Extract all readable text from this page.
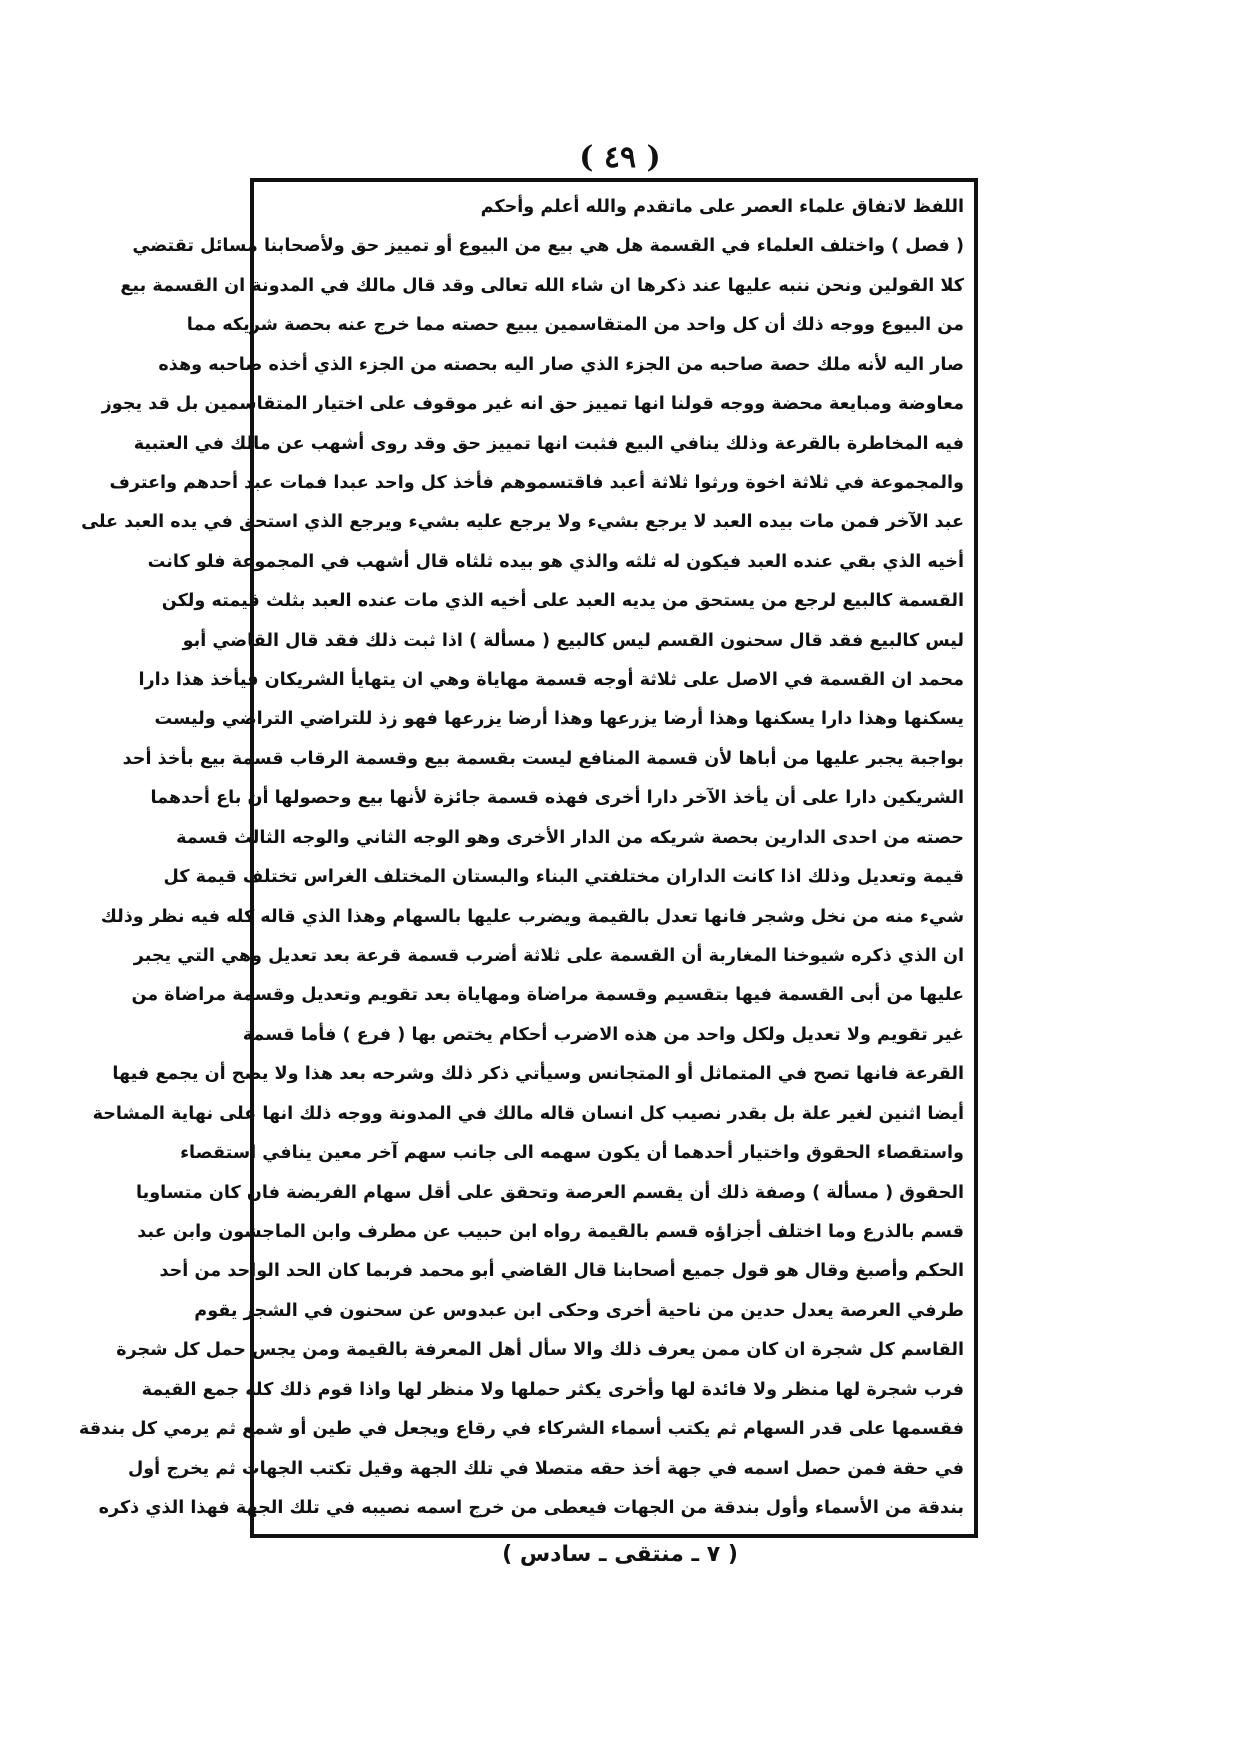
( ٤٩ )
اللفظ لاتفاق علماء العصر على ماتقدم والله أعلم وأحكم
( فصل ) واختلف العلماء في القسمة هل هي بيع من البيوع أو تمييز حق ولأصحابنا مسائل تقتضي
كلا القولين ونحن ننبه عليها عند ذكرها ان شاء الله تعالى وقد قال مالك في المدونة ان القسمة بيع
من البيوع ووجه ذلك أن كل واحد من المتقاسمين يبيع حصته مما خرج عنه بحصة شريكه مما
صار اليه لأنه ملك حصة صاحبه من الجزء الذي صار اليه بحصته من الجزء الذي أخذه صاحبه وهذه
معاوضة ومبايعة محضة ووجه قولنا انها تمييز حق انه غير موقوف على اختيار المتقاسمين بل قد يجوز
فيه المخاطرة بالقرعة وذلك ينافي البيع فثبت انها تمييز حق وقد روى أشهب عن مالك في العتبية
والمجموعة في ثلاثة اخوة ورثوا ثلاثة أعبد فاقتسموهم فأخذ كل واحد عبدا فمات عبد أحدهم واعترف
عبد الآخر فمن مات بيده العبد لا يرجع بشيء ولا يرجع عليه بشيء ويرجع الذي استحق في يده العبد على
أخيه الذي بقي عنده العبد فيكون له ثلثه والذي هو بيده ثلثاه قال أشهب في المجموعة فلو كانت
القسمة كالبيع لرجع من يستحق من يديه العبد على أخيه الذي مات عنده العبد بثلث قيمته ولكن
ليس كالبيع فقد قال سحنون القسم ليس كالبيع ( مسألة ) اذا ثبت ذلك فقد قال القاضي أبو
محمد ان القسمة في الاصل على ثلاثة أوجه قسمة مهاياة وهي ان يتهايأ الشريكان فيأخذ هذا دارا
يسكنها وهذا دارا يسكنها وهذا أرضا يزرعها وهذا أرضا يزرعها فهو زذ للتراضي التراضي وليست
بواجبة يجبر عليها من أباها لأن قسمة المنافع ليست بقسمة بيع وقسمة الرقاب قسمة بيع بأخذ أحد
الشريكين دارا على أن يأخذ الآخر دارا أخرى فهذه قسمة جائزة لأنها بيع وحصولها أن باع أحدهما
حصته من احدى الدارين بحصة شريكه من الدار الأخرى وهو الوجه الثاني والوجه الثالث قسمة
قيمة وتعديل وذلك اذا كانت الداران مختلفتي البناء والبستان المختلف الغراس تختلف قيمة كل
شيء منه من نخل وشجر فانها تعدل بالقيمة ويضرب عليها بالسهام وهذا الذي قاله كله فيه نظر وذلك
ان الذي ذكره شيوخنا المغاربة أن القسمة على ثلاثة أضرب قسمة قرعة بعد تعديل وهي التي يجبر
عليها من أبى القسمة فيها بتقسيم وقسمة مراضاة ومهاياة بعد تقويم وتعديل وقسمة مراضاة من
غير تقويم ولا تعديل ولكل واحد من هذه الاضرب أحكام يختص بها ( فرع ) فأما قسمة
القرعة فانها تصح في المتماثل أو المتجانس وسيأتي ذكر ذلك وشرحه بعد هذا ولا يصح أن يجمع فيها
أيضا اثنين لغير علة بل بقدر نصيب كل انسان قاله مالك في المدونة ووجه ذلك انها على نهاية المشاحة
واستقصاء الحقوق واختيار أحدهما أن يكون سهمه الى جانب سهم آخر معين ينافي استقصاء
الحقوق ( مسألة ) وصفة ذلك أن يقسم العرصة وتحقق على أقل سهام الفريضة فان كان متساويا
قسم بالذرع وما اختلف أجزاؤه قسم بالقيمة رواه ابن حبيب عن مطرف وابن الماجشون وابن عبد
الحكم وأصبغ وقال هو قول جميع أصحابنا قال القاضي أبو محمد فربما كان الحد الواحد من أحد
طرفي العرصة يعدل حدين من ناحية أخرى وحكى ابن عبدوس عن سحنون في الشجر يقوم
القاسم كل شجرة ان كان ممن يعرف ذلك والا سأل أهل المعرفة بالقيمة ومن يجس حمل كل شجرة
فرب شجرة لها منظر ولا فائدة لها وأخرى يكثر حملها ولا منظر لها واذا قوم ذلك كله جمع القيمة
فقسمها على قدر السهام ثم يكتب أسماء الشركاء في رقاع ويجعل في طين أو شمع ثم يرمي كل بندقة
في حقة فمن حصل اسمه في جهة أخذ حقه متصلا في تلك الجهة وقيل تكتب الجهات ثم يخرج أول
بندقة من الأسماء وأول بندقة من الجهات فيعطى من خرج اسمه نصيبه في تلك الجهة فهذا الذي ذكره
( ٧ ـ منتقى ـ سادس )
